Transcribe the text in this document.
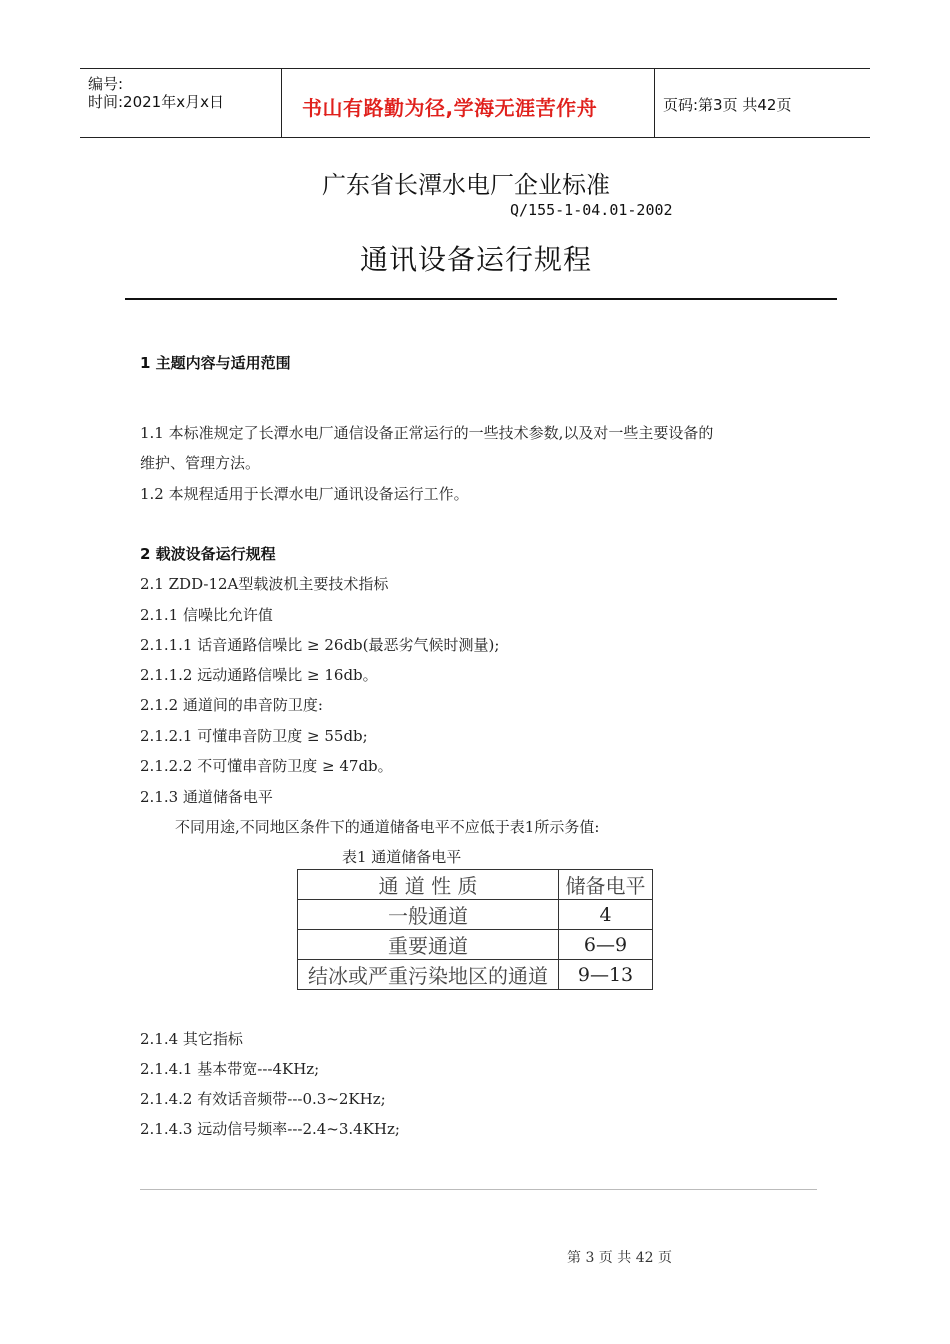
编号:
时间:2021年x月x日	书山有路勤为径,学海无涯苦作舟	页码:第3页 共42页
广东省长潭水电厂企业标准
Q/155-1-04.01-2002
通讯设备运行规程
1 主题内容与适用范围
1.1 本标准规定了长潭水电厂通信设备正常运行的一些技术参数,以及对一些主要设备的
维护、管理方法。
1.2 本规程适用于长潭水电厂通讯设备运行工作。
2 载波设备运行规程
2.1 ZDD-12A型载波机主要技术指标
2.1.1 信噪比允许值
2.1.1.1 话音通路信噪比 ≥ 26db(最恶劣气候时测量);
2.1.1.2 远动通路信噪比 ≥ 16db。
2.1.2 通道间的串音防卫度:
2.1.2.1 可懂串音防卫度 ≥ 55db;
2.1.2.2 不可懂串音防卫度 ≥ 47db。
2.1.3 通道储备电平
不同用途,不同地区条件下的通道储备电平不应低于表1所示务值:
表1 通道储备电平
通 道 性 质	储备电平
一般通道	4
重要通道	6—9
结冰或严重污染地区的通道	9—13
2.1.4 其它指标
2.1.4.1 基本带宽---4KHz;
2.1.4.2 有效话音频带---0.3~2KHz;
2.1.4.3 远动信号频率---2.4~3.4KHz;
第 3 页 共 42 页
